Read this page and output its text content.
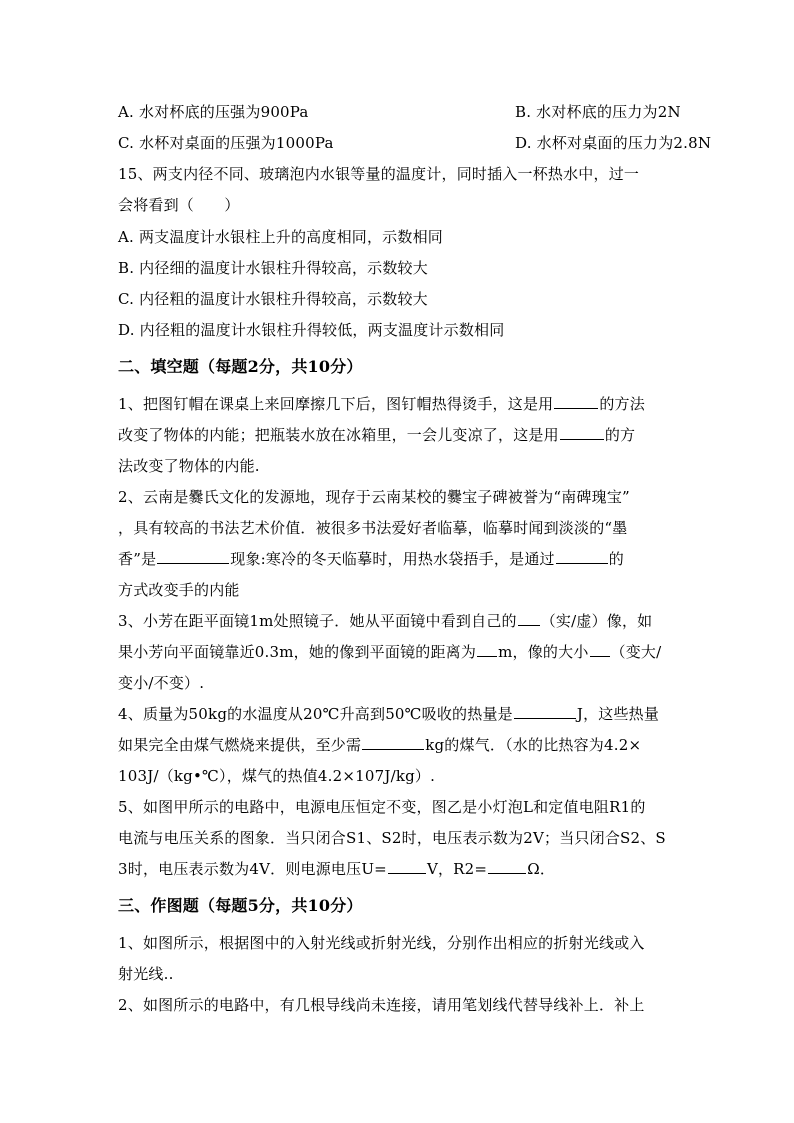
A. 水对杯底的压强为900Pa	B. 水对杯底的压力为2N
C. 水杯对桌面的压强为1000Pa	D. 水杯对桌面的压力为2.8N
15、两支内径不同、玻璃泡内水银等量的温度计，同时插入一杯热水中，过一
会将看到（　　）
A. 两支温度计水银柱上升的高度相同，示数相同
B. 内径细的温度计水银柱升得较高，示数较大
C. 内径粗的温度计水银柱升得较高，示数较大
D. 内径粗的温度计水银柱升得较低，两支温度计示数相同
二、填空题（每题2分，共10分）
1、把图钉帽在课桌上来回摩擦几下后，图钉帽热得烫手，这是用	的方法
改变了物体的内能；把瓶装水放在冰箱里，一会儿变凉了，这是用	的方
法改变了物体的内能.
2、云南是爨氏文化的发源地，现存于云南某校的爨宝子碑被誉为“南碑瑰宝”
，具有较高的书法艺术价值．被很多书法爱好者临摹，临摹时闻到淡淡的“墨
香”是	现象:寒冷的冬天临摹时，用热水袋捂手，是通过	的
方式改变手的内能
3、小芳在距平面镜1m处照镜子．她从平面镜中看到自己的 （实/虚）像，如
果小芳向平面镜靠近0.3m，她的像到平面镜的距离为 m，像的大小 （变大/
变小/不变）.
4、质量为50kg的水温度从20℃升高到50℃吸收的热量是	J，这些热量
如果完全由煤气燃烧来提供，至少需	kg的煤气．（水的比热容为4.2×
103J/（kg•℃），煤气的热值4.2×107J/kg）.
5、如图甲所示的电路中，电源电压恒定不变，图乙是小灯泡L和定值电阻R1的
电流与电压关系的图象．当只闭合S1、S2时，电压表示数为2V；当只闭合S2、S
3时，电压表示数为4V．则电源电压U=	V，R2=	Ω．
三、作图题（每题5分，共10分）
1、如图所示，根据图中的入射光线或折射光线，分别作出相应的折射光线或入
射光线..
2、如图所示的电路中，有几根导线尚未连接，请用笔划线代替导线补上．补上
